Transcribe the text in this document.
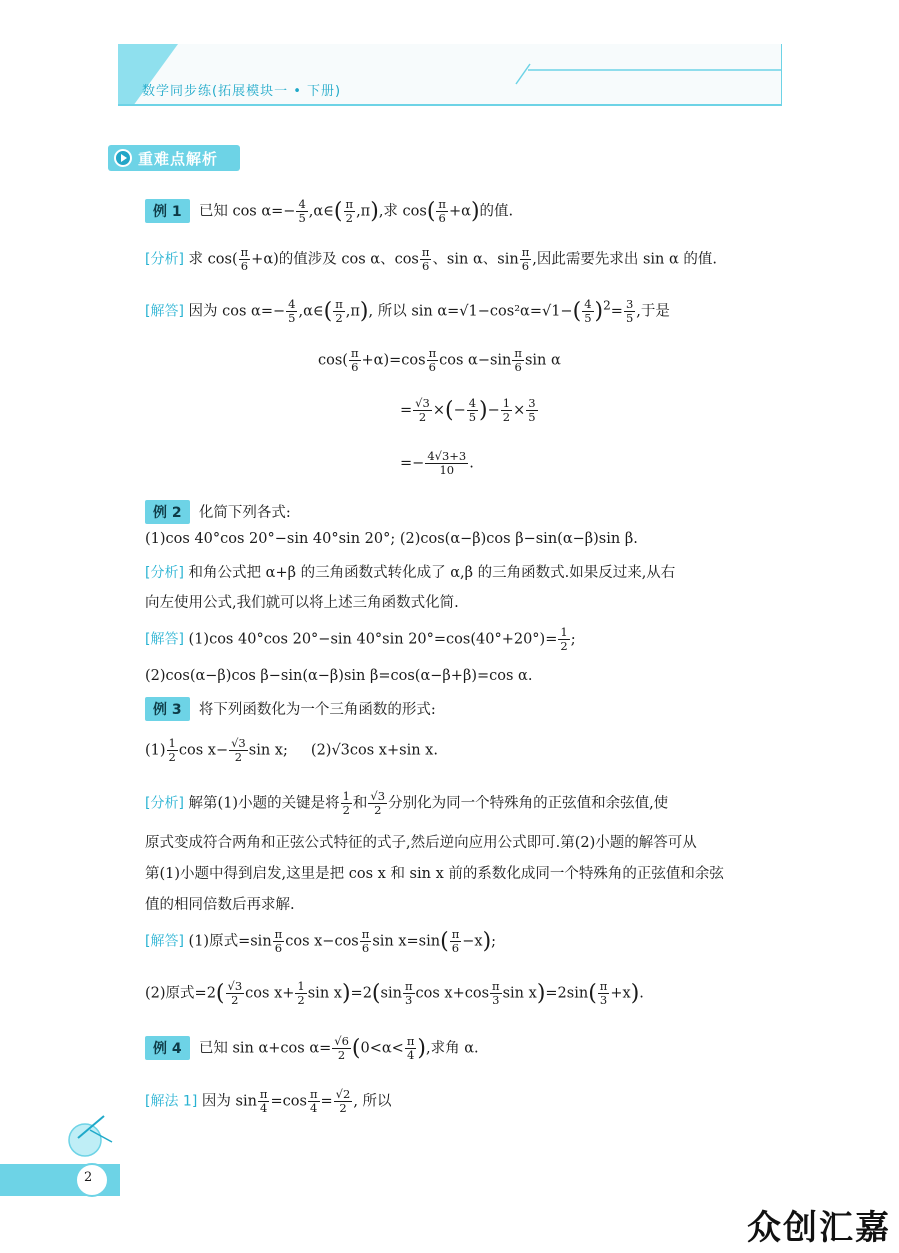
数学同步练(拓展模块一 • 下册)
重难点解析
例 1 已知 $\cos \alpha=- \frac{4}{5}$ ,α∈( $\frac{\pi}{2} ,\pi$),求 $\cos( \frac{\pi}{6} +\alpha)$的值.
[分析] 求 $\cos( \frac{\pi}{6} +\alpha)$的值涉及 cos α、$\cos \frac{\pi}{6}$ 、sin α、$\sin \frac{\pi}{6}$ ,因此需要先求出 sin α 的值.
[解答] 因为 $\cos \alpha=- \frac{4}{5}$ ,α∈( $\frac{\pi}{2} ,\pi$), 所以 $\sin \alpha=√1-\cos^2\alpha=√1-( \frac{4}{5} )^2= \frac{3}{5}$ ,于是
$\cos( \frac{\pi}{6} +\alpha)=\cos \frac{\pi}{6}$ $\cos \alpha-\sin \frac{\pi}{6}$ sin α
= $\frac{√3}{2}$ ×(− $\frac{4}{5}$ )− $\frac{1}{2} \times \frac{3}{5}$
=− $\frac{4√3+3}{10}$ .
例 2 化简下列各式:
(1)cos 40°cos 20°−sin 40°sin 20°; (2)cos(α−β)cos β−sin(α−β)sin β.
[分析] 和角公式把 α+β 的三角函数式转化成了 α,β 的三角函数式.如果反过来,从右
向左使用公式,我们就可以将上述三角函数式化简.
[解答] (1)cos 40°cos 20°−sin 40°sin $20^\circ=\cos(40^\circ+20^\circ)= \frac{1}{2}$ ;
(2)cos(α−β)cos β−sin(α−β)sin β=cos(α−β+β)=cos α.
例 3 将下列函数化为一个三角函数的形式:
$(1) \frac{1}{2}$ $\cos x- \frac{√3}{2}$ sin x; (2)√3cos x+sin x.
[分析] 解第(1)小题的关键是将 $\frac{1}{2}$ 和 $\frac{√3}{2}$ 分别化为同一个特殊角的正弦值和余弦值,使
原式变成符合两角和正弦公式特征的式子,然后逆向应用公式即可.第(2)小题的解答可从
第(1)小题中得到启发,这里是把 cos x 和 sin x 前的系数化成同一个特殊角的正弦值和余弦
值的相同倍数后再求解.
[解答] (1)原式$=\sin \frac{\pi}{6}$ $\cos x-\cos \frac{\pi}{6}$ $\sin x=\sin( \frac{\pi}{6} -x)$;
(2)原式$=2( \frac{√3}{2}$ $\cos x+ \frac{1}{2}$ $\sin x)=2(\sin \frac{\pi}{3}$ $\cos x+\cos \frac{\pi}{3}$ $\sin x)=2\sin( \frac{\pi}{3} +x)$.
例 4 已知 sin α+cos $\alpha= \frac{√6}{2} (0<\alpha< \frac{\pi}{4}$ ),求角 α.
[解法 1] 因为 $\sin \frac{\pi}{4} =\cos \frac{\pi}{4} = \frac{√2}{2}$ , 所以
2
众创汇嘉
